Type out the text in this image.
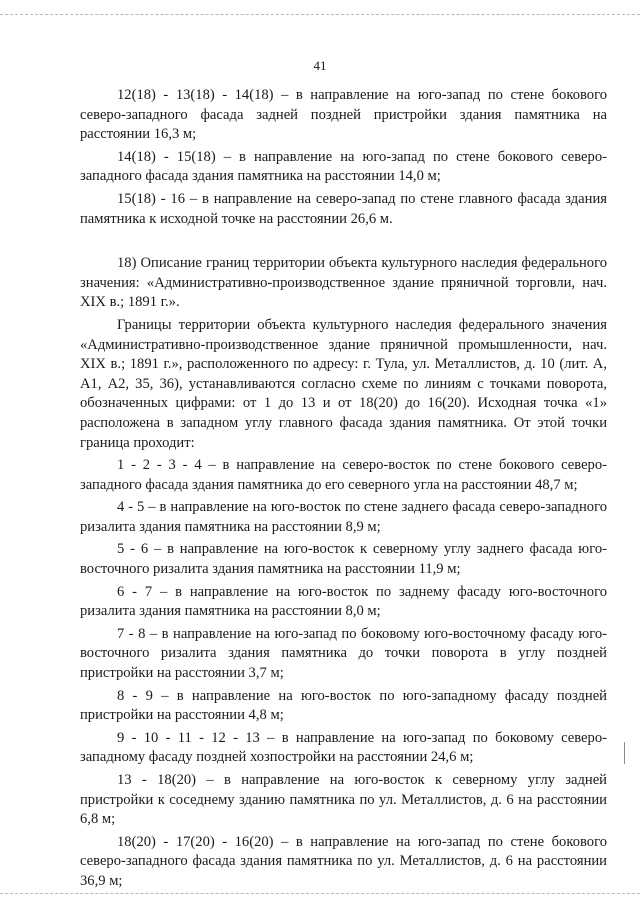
41

12(18) - 13(18) - 14(18) – в направление на юго-запад по стене бокового северо-западного фасада задней поздней пристройки здания памятника на расстоянии 16,3 м;

14(18) - 15(18) – в направление на юго-запад по стене бокового северо-западного фасада здания памятника на расстоянии 14,0 м;

15(18) - 16 – в направление на северо-запад по стене главного фасада здания памятника к исходной точке на расстоянии 26,6 м.

18) Описание границ территории объекта культурного наследия федерального значения: «Административно-производственное здание пряничной торговли, нач. XIX в.; 1891 г.».

Границы территории объекта культурного наследия федерального значения «Административно-производственное здание пряничной промышленности, нач. XIX в.; 1891 г.», расположенного по адресу: г. Тула, ул. Металлистов, д. 10 (лит. А, А1, А2, 35, 36), устанавливаются согласно схеме по линиям с точками поворота, обозначенных цифрами: от 1 до 13 и от 18(20) до 16(20). Исходная точка «1» расположена в западном углу главного фасада здания памятника. От этой точки граница проходит:

1 - 2 - 3 - 4 – в направление на северо-восток по стене бокового северо-западного фасада здания памятника до его северного угла на расстоянии 48,7 м;

4 - 5 – в направление на юго-восток по стене заднего фасада северо-западного ризалита здания памятника на расстоянии 8,9 м;

5 - 6 – в направление на юго-восток к северному углу заднего фасада юго-восточного ризалита здания памятника на расстоянии 11,9 м;

6 - 7 – в направление на юго-восток по заднему фасаду юго-восточного ризалита здания памятника на расстоянии 8,0 м;

7 - 8 – в направление на юго-запад по боковому юго-восточному фасаду юго-восточного ризалита здания памятника до точки поворота в углу поздней пристройки на расстоянии 3,7 м;

8 - 9 – в направление на юго-восток по юго-западному фасаду поздней пристройки на расстоянии 4,8 м;

9 - 10 - 11 - 12 - 13 – в направление на юго-запад по боковому северо-западному фасаду поздней хозпостройки на расстоянии 24,6 м;

13 - 18(20) – в направление на юго-восток к северному углу задней пристройки к соседнему зданию памятника по ул. Металлистов, д. 6 на расстоянии 6,8 м;

18(20) - 17(20) - 16(20) – в направление на юго-запад по стене бокового северо-западного фасада здания памятника по ул. Металлистов, д. 6 на расстоянии 36,9 м;
